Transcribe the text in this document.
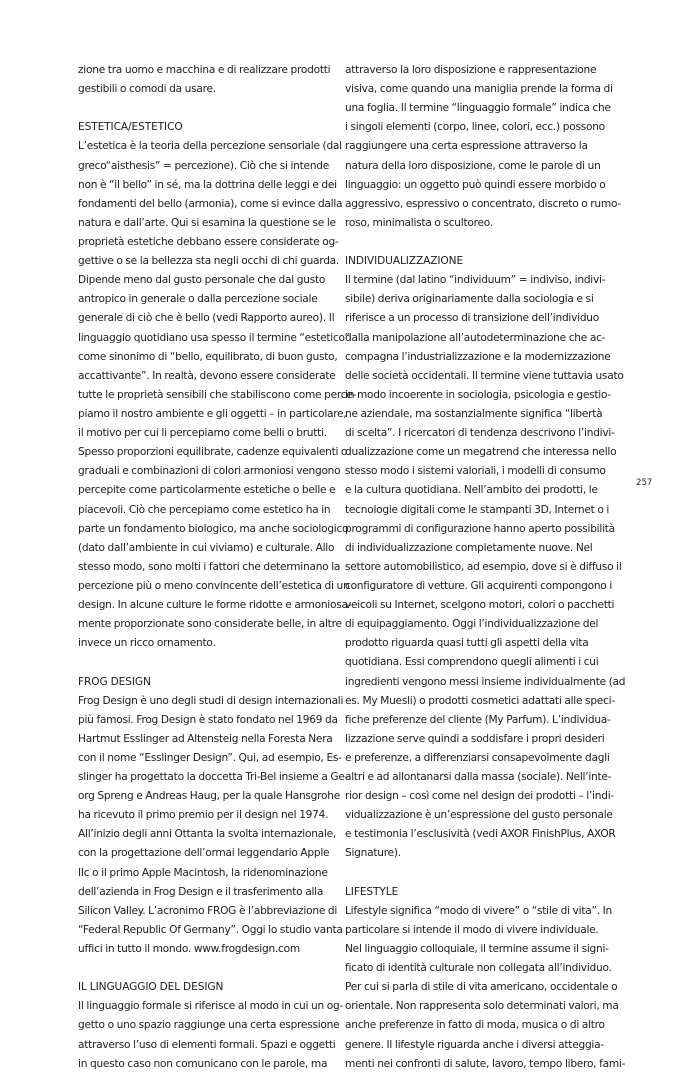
zione tra uomo e macchina e di realizzare prodotti
gestibili o comodi da usare.
ESTETICA/ESTETICO
L’estetica è la teoria della percezione sensoriale (dal
greco“aisthesis” = percezione). Ciò che si intende
non è “il bello” in sé, ma la dottrina delle leggi e dei
fondamenti del bello (armonia), come si evince dalla
natura e dall’arte. Qui si esamina la questione se le
proprietà estetiche debbano essere considerate og-
gettive o se la bellezza sta negli occhi di chi guarda.
Dipende meno dal gusto personale che dal gusto
antropico in generale o dalla percezione sociale
generale di ciò che è bello (vedi Rapporto aureo). Il
linguaggio quotidiano usa spesso il termine “estetico”
come sinonimo di “bello, equilibrato, di buon gusto,
accattivante”. In realtà, devono essere considerate
tutte le proprietà sensibili che stabiliscono come perce-
piamo il nostro ambiente e gli oggetti – in particolare,
il motivo per cui li percepiamo come belli o brutti.
Spesso proporzioni equilibrate, cadenze equivalenti o
graduali e combinazioni di colori armoniosi vengono
percepite come particolarmente estetiche o belle e
piacevoli. Ciò che percepiamo come estetico ha in
parte un fondamento biologico, ma anche sociologico
(dato dall’ambiente in cui viviamo) e culturale. Allo
stesso modo, sono molti i fattori che determinano la
percezione più o meno convincente dell’estetica di un
design. In alcune culture le forme ridotte e armoniosa-
mente proporzionate sono considerate belle, in altre
invece un ricco ornamento.
FROG DESIGN
Frog Design è uno degli studi di design internazionali
più famosi. Frog Design è stato fondato nel 1969 da
Hartmut Esslinger ad Altensteig nella Foresta Nera
con il nome “Esslinger Design”. Qui, ad esempio, Es-
slinger ha progettato la doccetta Tri-Bel insieme a Ge-
org Spreng e Andreas Haug, per la quale Hansgrohe
ha ricevuto il primo premio per il design nel 1974.
All’inizio degli anni Ottanta la svolta internazionale,
con la progettazione dell’ormai leggendario Apple
IIc o il primo Apple Macintosh, la ridenominazione
dell’azienda in Frog Design e il trasferimento alla
Silicon Valley. L’acronimo FROG è l’abbreviazione di
“Federal Republic Of Germany”. Oggi lo studio vanta
uffici in tutto il mondo. www.frogdesign.com
IL LINGUAGGIO DEL DESIGN
Il linguaggio formale si riferisce al modo in cui un og-
getto o uno spazio raggiunge una certa espressione
attraverso l’uso di elementi formali. Spazi e oggetti
in questo caso non comunicano con le parole, ma
attraverso la loro disposizione e rappresentazione
visiva, come quando una maniglia prende la forma di
una foglia. Il termine “linguaggio formale” indica che
i singoli elementi (corpo, linee, colori, ecc.) possono
raggiungere una certa espressione attraverso la
natura della loro disposizione, come le parole di un
linguaggio: un oggetto può quindi essere morbido o
aggressivo, espressivo o concentrato, discreto o rumo-
roso, minimalista o scultoreo.
INDIVIDUALIZZAZIONE
Il termine (dal latino “individuum” = indiviso, indivi-
sibile) deriva originariamente dalla sociologia e si
riferisce a un processo di transizione dell’individuo
dalla manipolazione all’autodeterminazione che ac-
compagna l’industrializzazione e la modernizzazione
delle società occidentali. Il termine viene tuttavia usato
in modo incoerente in sociologia, psicologia e gestio-
ne aziendale, ma sostanzialmente significa “libertà
di scelta”. I ricercatori di tendenza descrivono l’indivi-
dualizzazione come un megatrend che interessa nello
stesso modo i sistemi valoriali, i modelli di consumo
e la cultura quotidiana. Nell’ambito dei prodotti, le
tecnologie digitali come le stampanti 3D, Internet o i
programmi di configurazione hanno aperto possibilità
di individualizzazione completamente nuove. Nel
settore automobilistico, ad esempio, dove si è diffuso il
configuratore di vetture. Gli acquirenti compongono i
veicoli su Internet, scelgono motori, colori o pacchetti
di equipaggiamento. Oggi l’individualizzazione del
prodotto riguarda quasi tutti gli aspetti della vita
quotidiana. Essi comprendono quegli alimenti i cui
ingredienti vengono messi insieme individualmente (ad
es. My Muesli) o prodotti cosmetici adattati alle speci-
fiche preferenze del cliente (My Parfum). L’individua-
lizzazione serve quindi a soddisfare i propri desideri
e preferenze, a differenziarsi consapevolmente dagli
altri e ad allontanarsi dalla massa (sociale). Nell’inte-
rior design – così come nel design dei prodotti – l’indi-
vidualizzazione è un’espressione del gusto personale
e testimonia l’esclusività (vedi AXOR FinishPlus, AXOR
Signature).
LIFESTYLE
Lifestyle significa “modo di vivere” o “stile di vita”. In
particolare si intende il modo di vivere individuale.
Nel linguaggio colloquiale, il termine assume il signi-
ficato di identità culturale non collegata all’individuo.
Per cui si parla di stile di vita americano, occidentale o
orientale. Non rappresenta solo determinati valori, ma
anche preferenze in fatto di moda, musica o di altro
genere. Il lifestyle riguarda anche i diversi atteggia-
menti nei confronti di salute, lavoro, tempo libero, fami-
257
